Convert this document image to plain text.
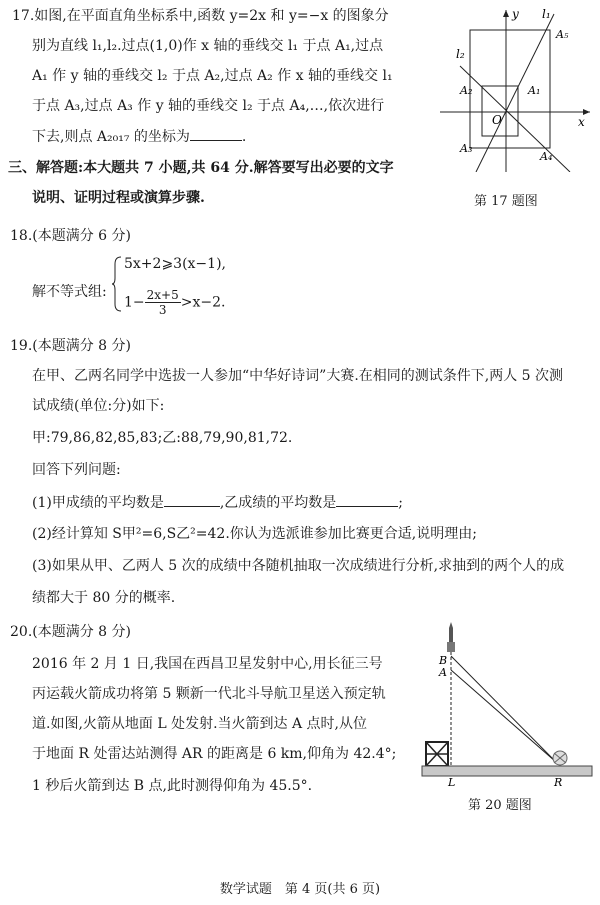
17.如图,在平面直角坐标系中,函数 y=2x 和 y=−x 的图象分
别为直线 l₁,l₂.过点(1,0)作 x 轴的垂线交 l₁ 于点 A₁,过点
A₁ 作 y 轴的垂线交 l₂ 于点 A₂,过点 A₂ 作 x 轴的垂线交 l₁
于点 A₃,过点 A₃ 作 y 轴的垂线交 l₂ 于点 A₄,…,依次进行
下去,则点 A₂₀₁₇ 的坐标为	.
y
x
O
l₁
l₂
A₅
A₁
A₂
A₃
A₄
第 17 题图
三、解答题:本大题共 7 小题,共 64 分.解答要写出必要的文字
说明、证明过程或演算步骤.
18.(本题满分 6 分)
解不等式组:
5x+2⩾3(x−1),
$1- \frac{2x+5}{3} >x-2$.
19.(本题满分 8 分)
在甲、乙两名同学中选拔一人参加“中华好诗词”大赛.在相同的测试条件下,两人 5 次测
试成绩(单位:分)如下:
甲:79,86,82,85,83;乙:88,79,90,81,72.
回答下列问题:
(1)甲成绩的平均数是	,乙成绩的平均数是	;
(2)经计算知 S甲²=6,S乙²=42.你认为选派谁参加比赛更合适,说明理由;
(3)如果从甲、乙两人 5 次的成绩中各随机抽取一次成绩进行分析,求抽到的两个人的成
绩都大于 80 分的概率.
20.(本题满分 8 分)
2016 年 2 月 1 日,我国在西昌卫星发射中心,用长征三号
丙运载火箭成功将第 5 颗新一代北斗导航卫星送入预定轨
道.如图,火箭从地面 L 处发射.当火箭到达 A 点时,从位
于地面 R 处雷达站测得 AR 的距离是 6 km,仰角为 42.4°;
1 秒后火箭到达 B 点,此时测得仰角为 45.5°.
B
A
L	R
第 20 题图
数学试题　第 4 页(共 6 页)
